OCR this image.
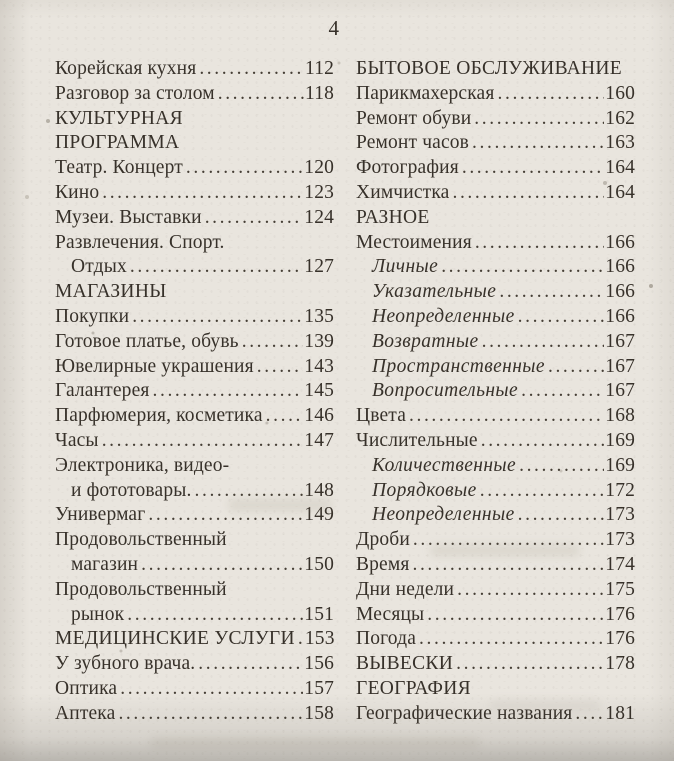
4
Корейская кухня .....	112
Разговор за столом .....	118
КУЛЬТУРНАЯ
ПРОГРАММА
Театр. Концерт .....	120
Кино .....	123
Музеи. Выставки .....	124
Развлечения. Спорт.
Отдых .....	127
МАГАЗИНЫ
Покупки .....	135
Готовое платье, обувь .....	139
Ювелирные украшения .....	143
Галантерея .....	145
Парфюмерия, косметика ..... 146
Часы .....	147
Электроника, видео-
и фототовары. .....	148
Универмаг .....	149
Продовольственный
магазин .....	150
Продовольственный
рынок .....	151
МЕДИЦИНСКИЕ УСЛУГИ ..... 153
У зубного врача. .....	156
Оптика .....	157
Аптека .....	158
БЫТОВОЕ ОБСЛУЖИВАНИЕ
Парикмахерская .....	160
Ремонт обуви .....	162
Ремонт часов .....	163
Фотография .....	164
Химчистка .....	164
РАЗНОЕ
Местоимения .....	166
Личные .....	166
Указательные .....	166
Неопределенные .....	166
Возвратные .....	167
Пространственные .....	167
Вопросительные .....	167
Цвета .....	168
Числительные .....	169
Количественные .....	169
Порядковые .....	172
Неопределенные .....	173
Дроби .....	173
Время .....	174
Дни недели .....	175
Месяцы .....	176
Погода .....	176
ВЫВЕСКИ .....	178
ГЕОГРАФИЯ
Географические названия ..... 181
